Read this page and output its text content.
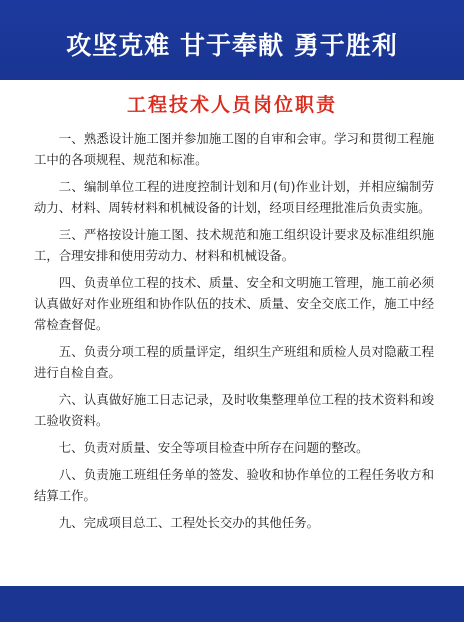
攻坚克难 甘于奉献 勇于胜利
工程技术人员岗位职责

一、熟悉设计施工图并参加施工图的自审和会审。学习和贯彻工程施工中的各项规程、规范和标准。

二、编制单位工程的进度控制计划和月(旬)作业计划，并相应编制劳动力、材料、周转材料和机械设备的计划，经项目经理批准后负责实施。

三、严格按设计施工图、技术规范和施工组织设计要求及标准组织施工，合理安排和使用劳动力、材料和机械设备。

四、负责单位工程的技术、质量、安全和文明施工管理，施工前必须认真做好对作业班组和协作队伍的技术、质量、安全交底工作，施工中经常检查督促。

五、负责分项工程的质量评定，组织生产班组和质检人员对隐蔽工程进行自检自查。

六、认真做好施工日志记录，及时收集整理单位工程的技术资料和竣工验收资料。

七、负责对质量、安全等项目检查中所存在问题的整改。

八、负责施工班组任务单的签发、验收和协作单位的工程任务收方和结算工作。

九、完成项目总工、工程处长交办的其他任务。
